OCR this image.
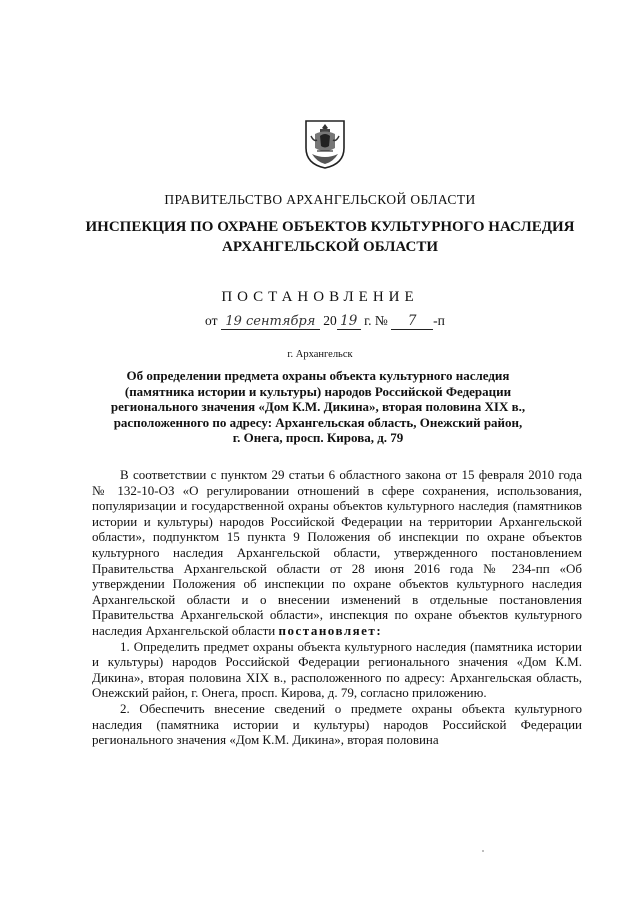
ПРАВИТЕЛЬСТВО АРХАНГЕЛЬСКОЙ ОБЛАСТИ
ИНСПЕКЦИЯ ПО ОХРАНЕ ОБЪЕКТОВ КУЛЬТУРНОГО НАСЛЕДИЯ
АРХАНГЕЛЬСКОЙ ОБЛАСТИ
ПОСТАНОВЛЕНИЕ
от 19 сентября 20 19 г. № 7 -п
г. Архангельск
Об определении предмета охраны объекта культурного наследия
(памятника истории и культуры) народов Российской Федерации
регионального значения «Дом К.М. Дикина», вторая половина XIX в.,
расположенного по адресу: Архангельская область, Онежский район,
г. Онега, просп. Кирова, д. 79

В соответствии с пунктом 29 статьи 6 областного закона от 15 февраля 2010 года № 132-10-ОЗ «О регулировании отношений в сфере сохранения, использования, популяризации и государственной охраны объектов культурного наследия (памятников истории и культуры) народов Российской Федерации на территории Архангельской области», подпунктом 15 пункта 9 Положения об инспекции по охране объектов культурного наследия Архангельской области, утвержденного постановлением Правительства Архангельской области от 28 июня 2016 года № 234-пп «Об утверждении Положения об инспекции по охране объектов культурного наследия Архангельской области и о внесении изменений в отдельные постановления Правительства Архангельской области», инспекция по охране объектов культурного наследия Архангельской области постановляет:

1. Определить предмет охраны объекта культурного наследия (памятника истории и культуры) народов Российской Федерации регионального значения «Дом К.М. Дикина», вторая половина XIX в., расположенного по адресу: Архангельская область, Онежский район, г. Онега, просп. Кирова, д. 79, согласно приложению.

2. Обеспечить внесение сведений о предмете охраны объекта культурного наследия (памятника истории и культуры) народов Российской Федерации регионального значения «Дом К.М. Дикина», вторая половина
